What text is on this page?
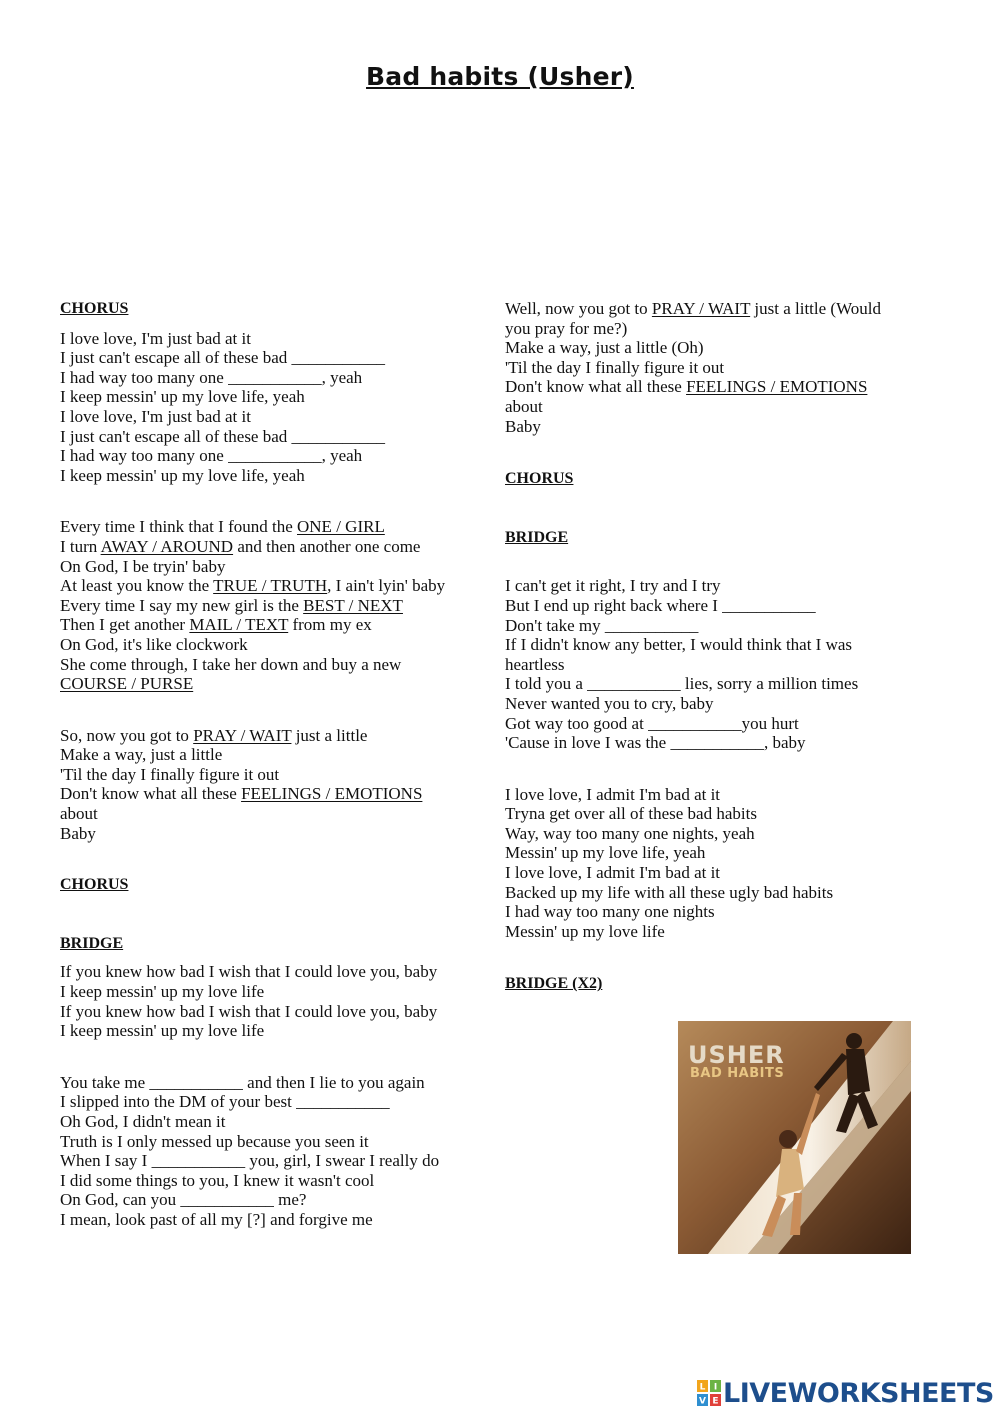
Bad habits (Usher)
CHORUS
I love love, I'm just bad at it
I just can't escape all of these bad ___________
I had way too many one ___________, yeah
I keep messin' up my love life, yeah
I love love, I'm just bad at it
I just can't escape all of these bad ___________
I had way too many one ___________, yeah
I keep messin' up my love life, yeah
Every time I think that I found the ONE / GIRL
I turn AWAY / AROUND and then another one come
On God, I be tryin' baby
At least you know the TRUE / TRUTH, I ain't lyin' baby
Every time I say my new girl is the BEST / NEXT
Then I get another MAIL / TEXT from my ex
On God, it's like clockwork
She come through, I take her down and buy a new
COURSE / PURSE
So, now you got to PRAY / WAIT just a little
Make a way, just a little
'Til the day I finally figure it out
Don't know what all these FEELINGS / EMOTIONS
about
Baby
CHORUS
BRIDGE
If you knew how bad I wish that I could love you, baby
I keep messin' up my love life
If you knew how bad I wish that I could love you, baby
I keep messin' up my love life
You take me ___________ and then I lie to you again
I slipped into the DM of your best ___________
Oh God, I didn't mean it
Truth is I only messed up because you seen it
When I say I ___________ you, girl, I swear I really do
I did some things to you, I knew it wasn't cool
On God, can you ___________ me?
I mean, look past of all my [?] and forgive me
Well, now you got to PRAY / WAIT just a little (Would
you pray for me?)
Make a way, just a little (Oh)
'Til the day I finally figure it out
Don't know what all these FEELINGS / EMOTIONS
about
Baby
CHORUS
BRIDGE
I can't get it right, I try and I try
But I end up right back where I ___________
Don't take my ___________
If I didn't know any better, I would think that I was
heartless
I told you a ___________ lies, sorry a million times
Never wanted you to cry, baby
Got way too good at ___________you hurt
'Cause in love I was the ___________, baby
I love love, I admit I'm bad at it
Tryna get over all of these bad habits
Way, way too many one nights, yeah
Messin' up my love life, yeah
I love love, I admit I'm bad at it
Backed up my life with all these ugly bad habits
I had way too many one nights
Messin' up my love life
BRIDGE (X2)
USHER
BAD HABITS
L I
V E LIVEWORKSHEETS
